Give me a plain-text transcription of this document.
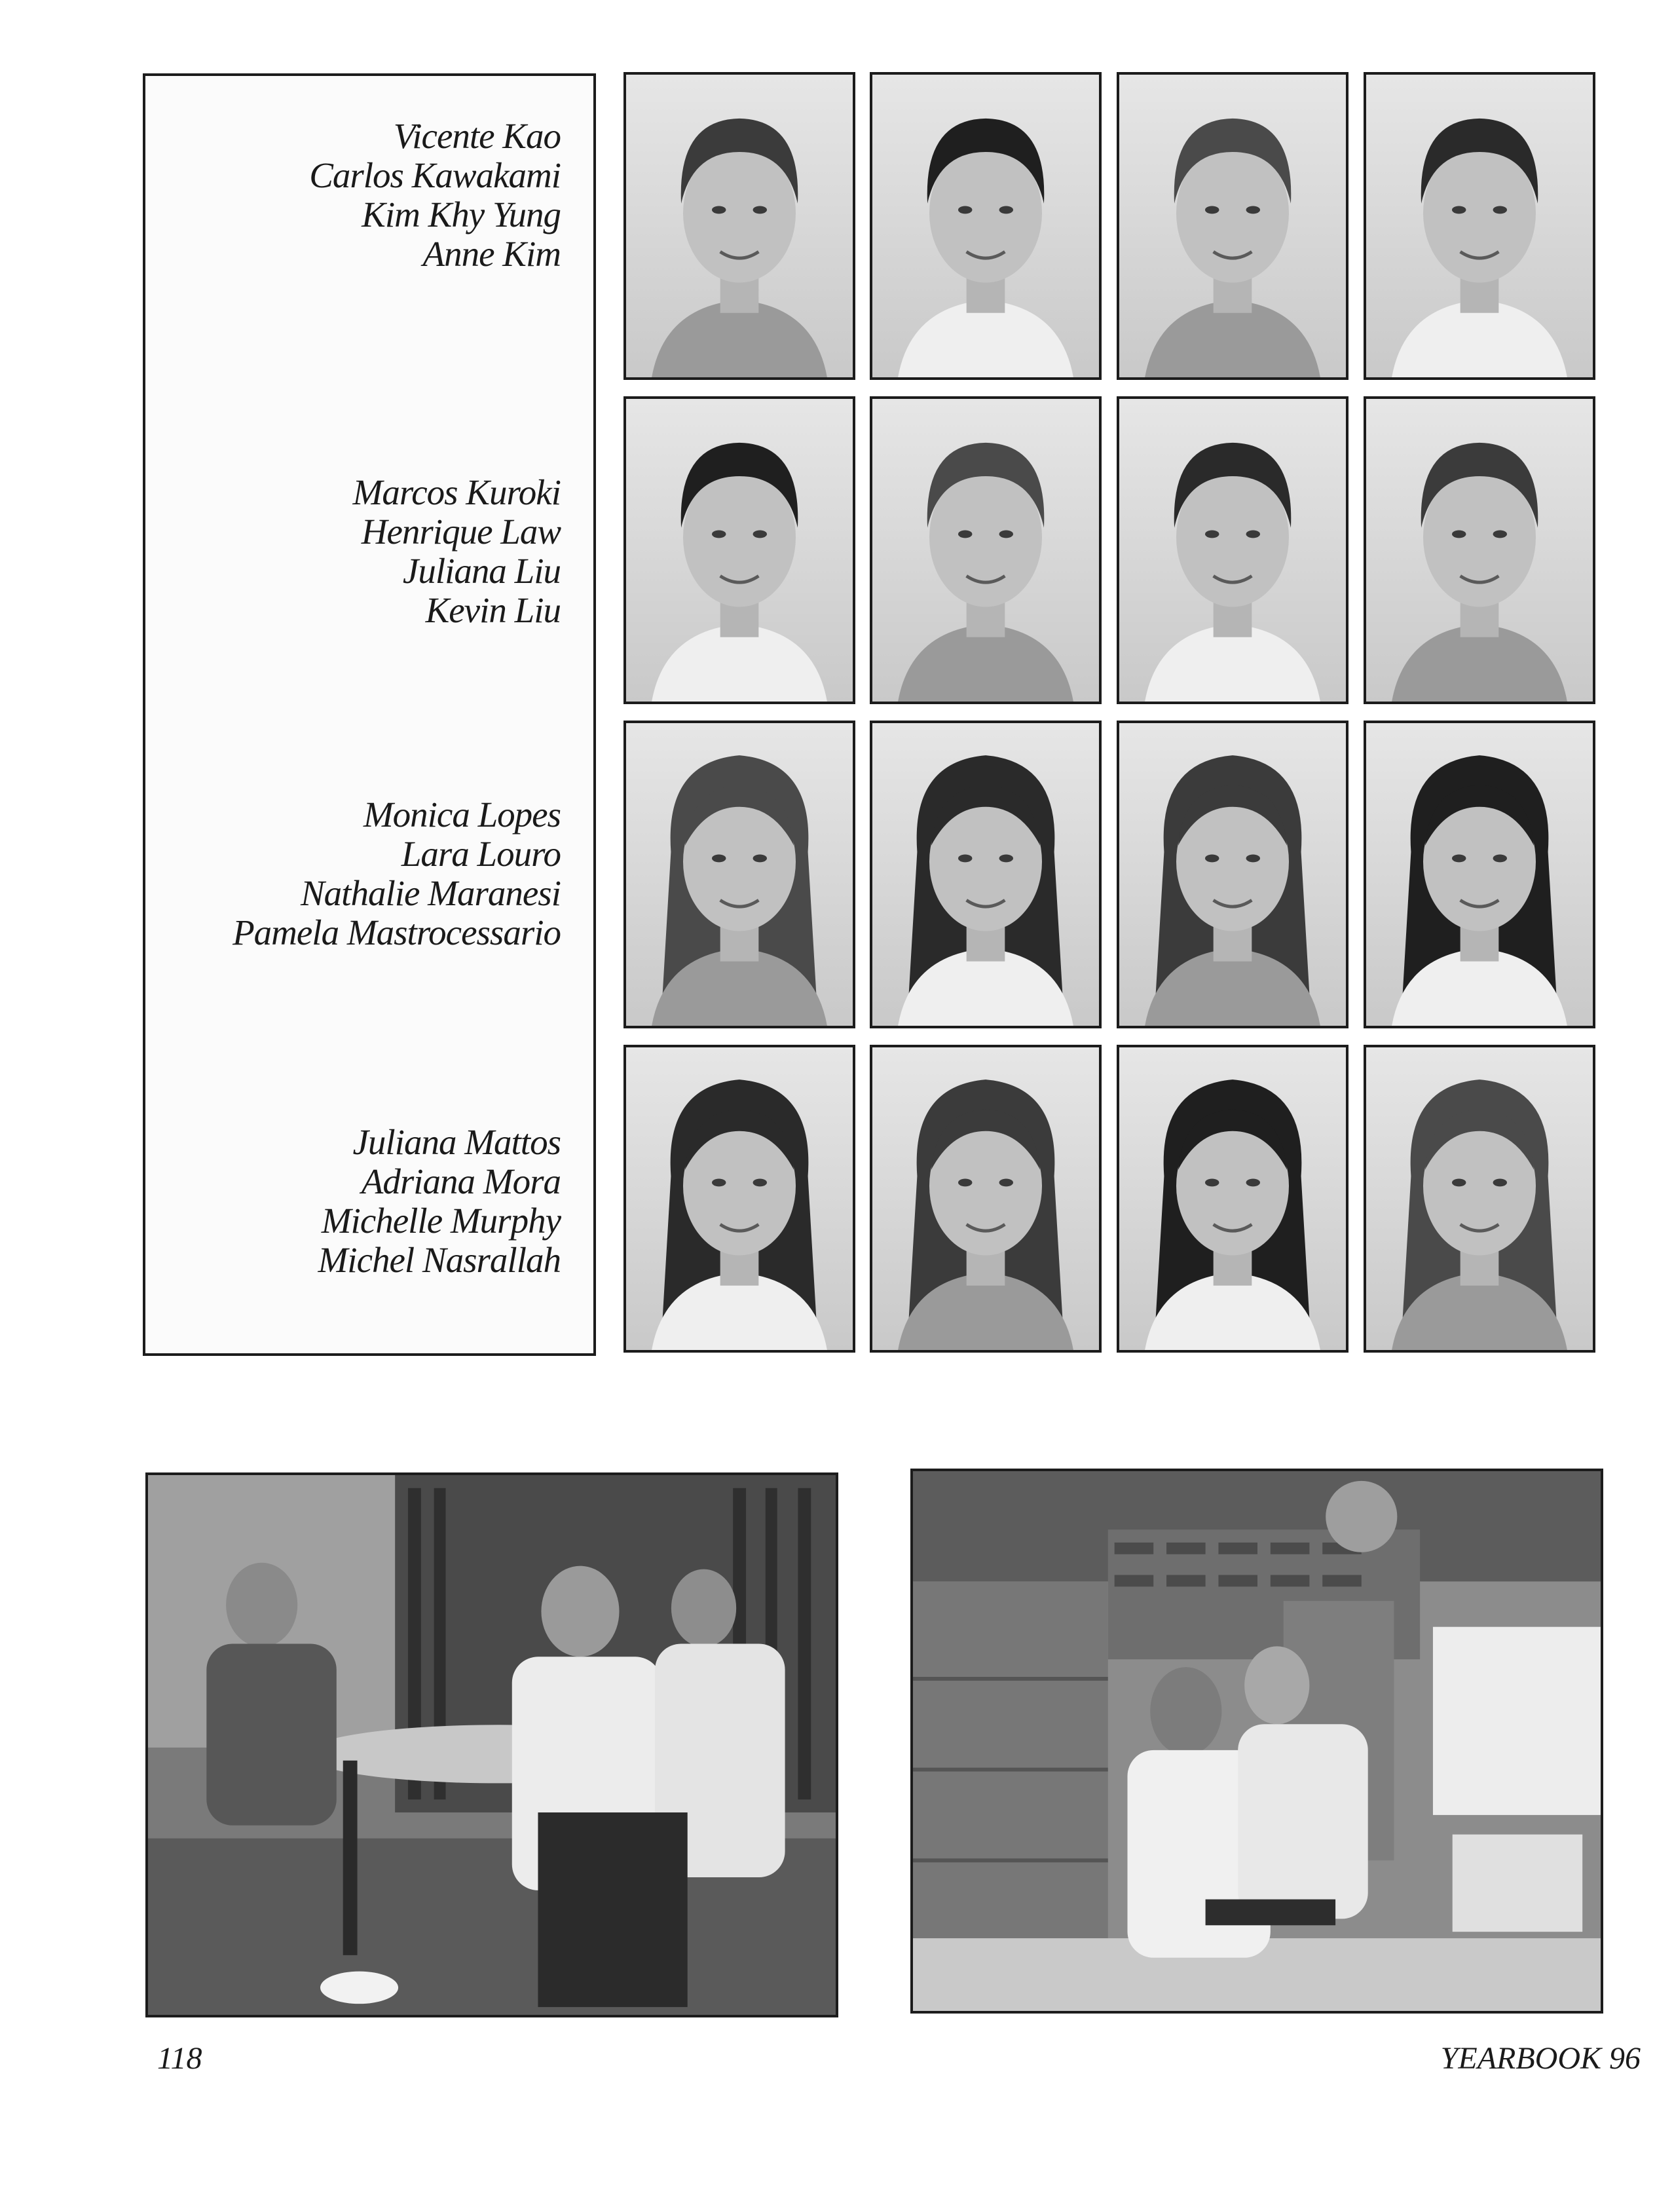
Vicente Kao
Carlos Kawakami
Kim Khy Yung
Anne Kim
Marcos Kuroki
Henrique Law
Juliana Liu
Kevin Liu
Monica Lopes
Lara Louro
Nathalie Maranesi
Pamela Mastrocessario
Juliana Mattos
Adriana Mora
Michelle Murphy
Michel Nasrallah
118	YEARBOOK 96
